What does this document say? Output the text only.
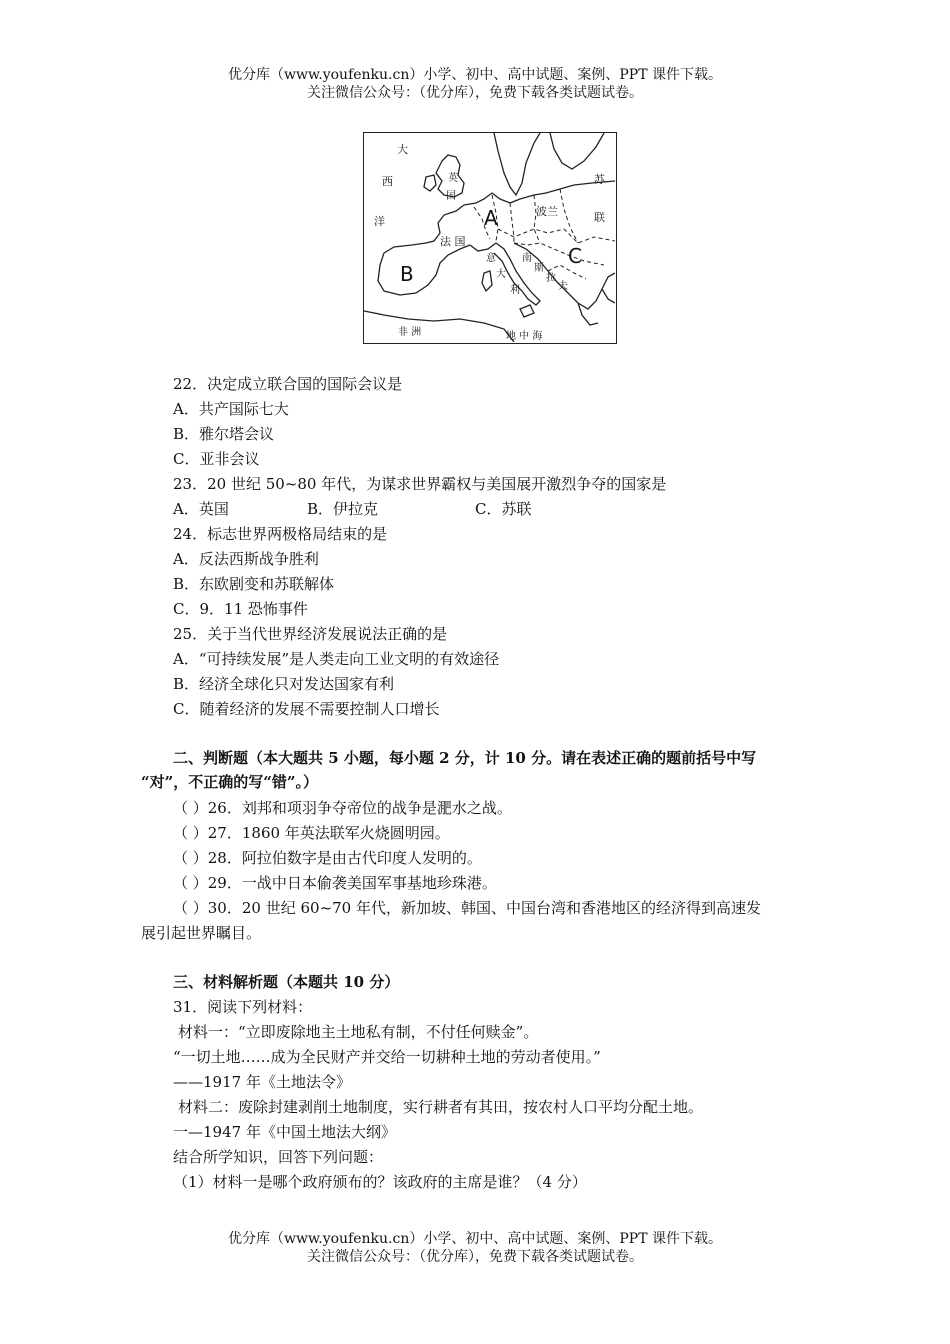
优分库（www.youfenku.cn）小学、初中、高中试题、案例、PPT 课件下载。
关注微信公众号：（优分库），免费下载各类试题试卷。
大
西
洋
英
国
A
B
C
法 国
波兰
苏
联
意
大
利
南
斯
拉
夫
非 洲	地 中 海
22．决定成立联合国的国际会议是
A．共产国际七大
B．雅尔塔会议
C．亚非会议
23．20 世纪 50~80 年代，为谋求世界霸权与美国展开激烈争夺的国家是
A．英国	B．伊拉克	C．苏联
24．标志世界两极格局结束的是
A．反法西斯战争胜利
B．东欧剧变和苏联解体
C．9．11 恐怖事件
25．关于当代世界经济发展说法正确的是
A．“可持续发展”是人类走向工业文明的有效途径
B．经济全球化只对发达国家有利
C．随着经济的发展不需要控制人口增长
二、判断题（本大题共 5 小题，每小题 2 分，计 10 分。请在表述正确的题前括号中写
“对”，不正确的写“错”。）
（ ）26．刘邦和项羽争夺帝位的战争是淝水之战。
（ ）27．1860 年英法联军火烧圆明园。
（ ）28．阿拉伯数字是由古代印度人发明的。
（ ）29．一战中日本偷袭美国军事基地珍珠港。
（ ）30．20 世纪 60~70 年代，新加坡、韩国、中国台湾和香港地区的经济得到高速发
展引起世界瞩目。
三、材料解析题（本题共 10 分）
31．阅读下列材料：
材料一：“立即废除地主土地私有制，不付任何赎金”。
“一切土地……成为全民财产并交给一切耕种土地的劳动者使用。”
——1917 年《土地法令》
材料二：废除封建剥削土地制度，实行耕者有其田，按农村人口平均分配土地。
一—1947 年《中国土地法大纲》
结合所学知识，回答下列问题：
（1）材料一是哪个政府颁布的？该政府的主席是谁？（4 分）
优分库（www.youfenku.cn）小学、初中、高中试题、案例、PPT 课件下载。
关注微信公众号：（优分库），免费下载各类试题试卷。
